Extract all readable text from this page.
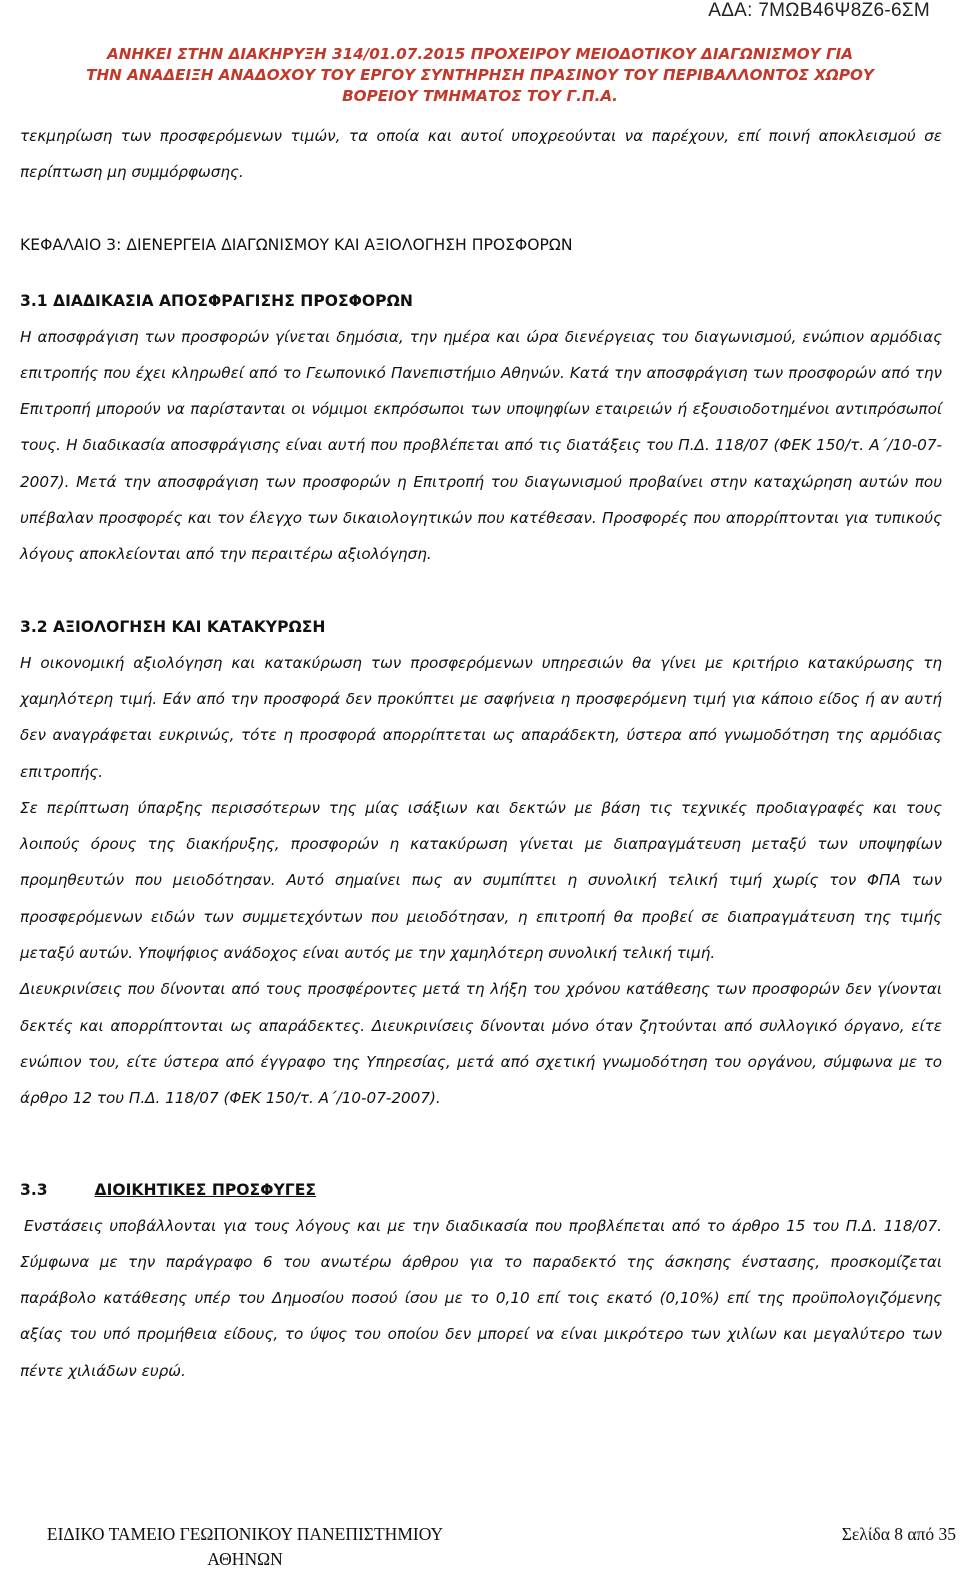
ΑΔΑ: 7ΜΩΒ46Ψ8Ζ6-6ΣΜ
ΑΝΗΚΕΙ ΣΤΗΝ ΔΙΑΚΗΡΥΞΗ 314/01.07.2015 ΠΡΟΧΕΙΡΟΥ ΜΕΙΟΔΟΤΙΚΟΥ ΔΙΑΓΩΝΙΣΜΟΥ ΓΙΑ
ΤΗΝ ΑΝΑΔΕΙΞΗ ΑΝΑΔΟΧΟΥ ΤΟΥ ΕΡΓΟΥ ΣΥΝΤΗΡΗΣΗ ΠΡΑΣΙΝΟΥ ΤΟΥ ΠΕΡΙΒΑΛΛΟΝΤΟΣ ΧΩΡΟΥ
ΒΟΡΕΙΟΥ ΤΜΗΜΑΤΟΣ ΤΟΥ Γ.Π.Α.

τεκμηρίωση των προσφερόμενων τιμών, τα οποία και αυτοί υποχρεούνται να παρέχουν, επί ποινή αποκλεισμού σε περίπτωση μη συμμόρφωσης.

ΚΕΦΑΛΑΙΟ 3: ΔΙΕΝΕΡΓΕΙΑ ΔΙΑΓΩΝΙΣΜΟΥ ΚΑΙ ΑΞΙΟΛΟΓΗΣΗ ΠΡΟΣΦΟΡΩΝ
3.1 ΔΙΑΔΙΚΑΣΙΑ ΑΠΟΣΦΡΑΓΙΣΗΣ ΠΡΟΣΦΟΡΩΝ

Η αποσφράγιση των προσφορών γίνεται δημόσια, την ημέρα και ώρα διενέργειας του διαγωνισμού, ενώπιον αρμόδιας επιτροπής που έχει κληρωθεί από το Γεωπονικό Πανεπιστήμιο Αθηνών. Κατά την αποσφράγιση των προσφορών από την Επιτροπή μπορούν να παρίστανται οι νόμιμοι εκπρόσωποι των υποψηφίων εταιρειών ή εξουσιοδοτημένοι αντιπρόσωποί τους. Η διαδικασία αποσφράγισης είναι αυτή που προβλέπεται από τις διατάξεις του Π.Δ. 118/07 (ΦΕΚ 150/τ. Α΄/10-07-2007). Μετά την αποσφράγιση των προσφορών η Επιτροπή του διαγωνισμού προβαίνει στην καταχώρηση αυτών που υπέβαλαν προσφορές και τον έλεγχο των δικαιολογητικών που κατέθεσαν. Προσφορές που απορρίπτονται για τυπικούς λόγους αποκλείονται από την περαιτέρω αξιολόγηση.

3.2 ΑΞΙΟΛΟΓΗΣΗ ΚΑΙ ΚΑΤΑΚΥΡΩΣΗ

Η οικονομική αξιολόγηση και κατακύρωση των προσφερόμενων υπηρεσιών θα γίνει με κριτήριο κατακύρωσης τη χαμηλότερη τιμή. Εάν από την προσφορά δεν προκύπτει με σαφήνεια η προσφερόμενη τιμή για κάποιο είδος ή αν αυτή δεν αναγράφεται ευκρινώς, τότε η προσφορά απορρίπτεται ως απαράδεκτη, ύστερα από γνωμοδότηση της αρμόδιας επιτροπής.

Σε περίπτωση ύπαρξης περισσότερων της μίας ισάξιων και δεκτών με βάση τις τεχνικές προδιαγραφές και τους λοιπούς όρους της διακήρυξης, προσφορών η κατακύρωση γίνεται με διαπραγμάτευση μεταξύ των υποψηφίων προμηθευτών που μειοδότησαν. Αυτό σημαίνει πως αν συμπίπτει η συνολική τελική τιμή χωρίς τον ΦΠΑ των προσφερόμενων ειδών των συμμετεχόντων που μειοδότησαν, η επιτροπή θα προβεί σε διαπραγμάτευση της τιμής μεταξύ αυτών. Υποψήφιος ανάδοχος είναι αυτός με την χαμηλότερη συνολική τελική τιμή.

Διευκρινίσεις που δίνονται από τους προσφέροντες μετά τη λήξη του χρόνου κατάθεσης των προσφορών δεν γίνονται δεκτές και απορρίπτονται ως απαράδεκτες. Διευκρινίσεις δίνονται μόνο όταν ζητούνται από συλλογικό όργανο, είτε ενώπιον του, είτε ύστερα από έγγραφο της Υπηρεσίας, μετά από σχετική γνωμοδότηση του οργάνου, σύμφωνα με το άρθρο 12 του Π.Δ. 118/07 (ΦΕΚ 150/τ. Α΄/10-07-2007).

3.3	ΔΙΟΙΚΗΤΙΚΕΣ ΠΡΟΣΦΥΓΕΣ

Ενστάσεις υποβάλλονται για τους λόγους και με την διαδικασία που προβλέπεται από το άρθρο 15 του Π.Δ. 118/07. Σύμφωνα με την παράγραφο 6 του ανωτέρω άρθρου για το παραδεκτό της άσκησης ένστασης, προσκομίζεται παράβολο κατάθεσης υπέρ του Δημοσίου ποσού ίσου με το 0,10 επί τοις εκατό (0,10%) επί της προϋπολογιζόμενης αξίας του υπό προμήθεια είδους, το ύψος του οποίου δεν μπορεί να είναι μικρότερο των χιλίων και μεγαλύτερο των πέντε χιλιάδων ευρώ.

ΕΙΔΙΚΟ ΤΑΜΕΙΟ ΓΕΩΠΟΝΙΚΟΥ ΠΑΝΕΠΙΣΤΗΜΙΟΥ
ΑΘΗΝΩΝ
Σελίδα 8 από 35
